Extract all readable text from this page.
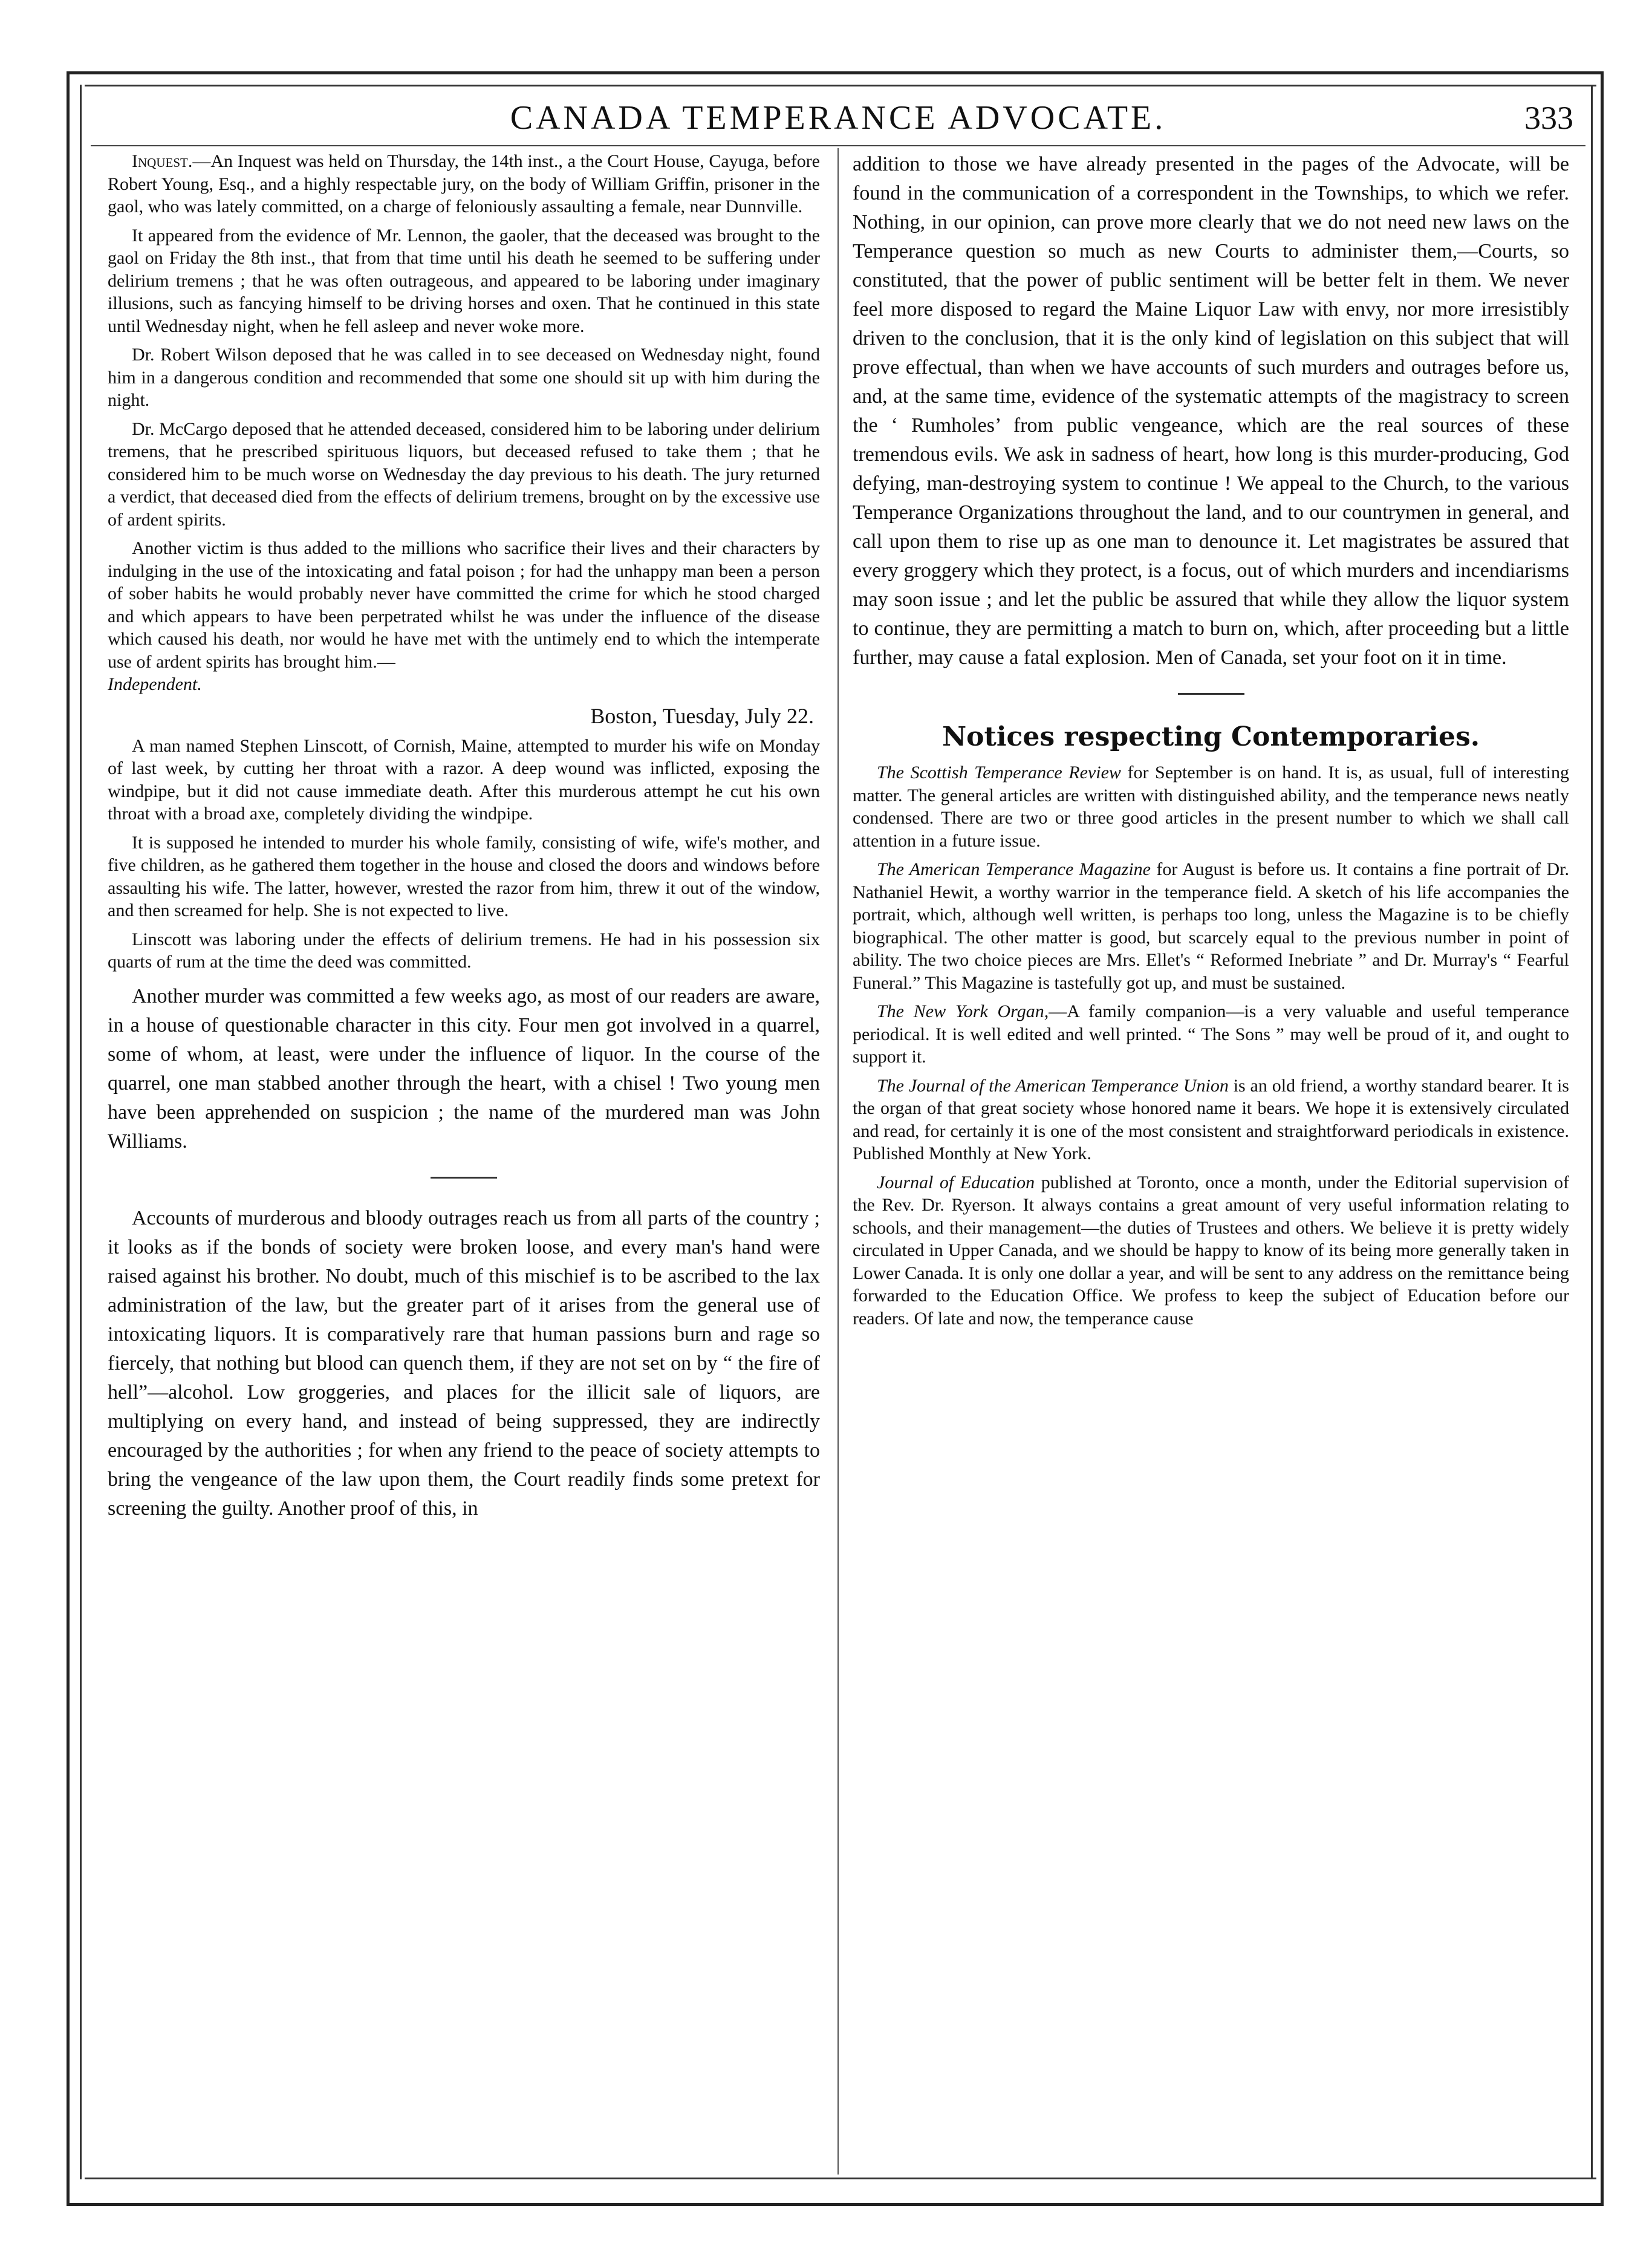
CANADA TEMPERANCE ADVOCATE.	333

Inquest.—An Inquest was held on Thursday, the 14th inst., a the Court House, Cayuga, before Robert Young, Esq., and a highly respectable jury, on the body of William Griffin, prisoner in the gaol, who was lately committed, on a charge of feloniously assaulting a female, near Dunnville.

It appeared from the evidence of Mr. Lennon, the gaoler, that the deceased was brought to the gaol on Friday the 8th inst., that from that time until his death he seemed to be suffering under delirium tremens ; that he was often outrageous, and appeared to be laboring under imaginary illusions, such as fancying himself to be driving horses and oxen. That he continued in this state until Wednesday night, when he fell asleep and never woke more.

Dr. Robert Wilson deposed that he was called in to see deceased on Wednesday night, found him in a dangerous condition and recommended that some one should sit up with him during the night.

Dr. McCargo deposed that he attended deceased, considered him to be laboring under delirium tremens, that he prescribed spirituous liquors, but deceased refused to take them ; that he considered him to be much worse on Wednesday the day previous to his death. The jury returned a verdict, that deceased died from the effects of delirium tremens, brought on by the excessive use of ardent spirits.

Another victim is thus added to the millions who sacrifice their lives and their characters by indulging in the use of the intoxicating and fatal poison ; for had the unhappy man been a person of sober habits he would probably never have committed the crime for which he stood charged and which appears to have been perpetrated whilst he was under the influence of the disease which caused his death, nor would he have met with the untimely end to which the intemperate use of ardent spirits has brought him.—
Independent.

Boston, Tuesday, July 22.

A man named Stephen Linscott, of Cornish, Maine, attempted to murder his wife on Monday of last week, by cutting her throat with a razor. A deep wound was inflicted, exposing the windpipe, but it did not cause immediate death. After this murderous attempt he cut his own throat with a broad axe, completely dividing the windpipe.

It is supposed he intended to murder his whole family, consisting of wife, wife's mother, and five children, as he gathered them together in the house and closed the doors and windows before assaulting his wife. The latter, however, wrested the razor from him, threw it out of the window, and then screamed for help. She is not expected to live.

Linscott was laboring under the effects of delirium tremens. He had in his possession six quarts of rum at the time the deed was committed.

Another murder was committed a few weeks ago, as most of our readers are aware, in a house of questionable character in this city. Four men got involved in a quarrel, some of whom, at least, were under the influence of liquor. In the course of the quarrel, one man stabbed another through the heart, with a chisel ! Two young men have been apprehended on suspicion ; the name of the murdered man was John Williams.

Accounts of murderous and bloody outrages reach us from all parts of the country ; it looks as if the bonds of society were broken loose, and every man's hand were raised against his brother. No doubt, much of this mischief is to be ascribed to the lax administration of the law, but the greater part of it arises from the general use of intoxicating liquors. It is comparatively rare that human passions burn and rage so fiercely, that nothing but blood can quench them, if they are not set on by “ the fire of hell”—alcohol. Low groggeries, and places for the illicit sale of liquors, are multiplying on every hand, and instead of being suppressed, they are indirectly encouraged by the authorities ; for when any friend to the peace of society attempts to bring the vengeance of the law upon them, the Court readily finds some pretext for screening the guilty. Another proof of this, in

addition to those we have already presented in the pages of the Advocate, will be found in the communication of a correspondent in the Townships, to which we refer. Nothing, in our opinion, can prove more clearly that we do not need new laws on the Temperance question so much as new Courts to administer them,—Courts, so constituted, that the power of public sentiment will be better felt in them. We never feel more disposed to regard the Maine Liquor Law with envy, nor more irresistibly driven to the conclusion, that it is the only kind of legislation on this subject that will prove effectual, than when we have accounts of such murders and outrages before us, and, at the same time, evidence of the systematic attempts of the magistracy to screen the ‘ Rumholes’ from public vengeance, which are the real sources of these tremendous evils. We ask in sadness of heart, how long is this murder-producing, God defying, man-destroying system to continue ! We appeal to the Church, to the various Temperance Organizations throughout the land, and to our countrymen in general, and call upon them to rise up as one man to denounce it. Let magistrates be assured that every groggery which they protect, is a focus, out of which murders and incendiarisms may soon issue ; and let the public be assured that while they allow the liquor system to continue, they are permitting a match to burn on, which, after proceeding but a little further, may cause a fatal explosion. Men of Canada, set your foot on it in time.

Notices respecting Contemporaries.

The Scottish Temperance Review for September is on hand. It is, as usual, full of interesting matter. The general articles are written with distinguished ability, and the temperance news neatly condensed. There are two or three good articles in the present number to which we shall call attention in a future issue.

The American Temperance Magazine for August is before us. It contains a fine portrait of Dr. Nathaniel Hewit, a worthy warrior in the temperance field. A sketch of his life accompanies the portrait, which, although well written, is perhaps too long, unless the Magazine is to be chiefly biographical. The other matter is good, but scarcely equal to the previous number in point of ability. The two choice pieces are Mrs. Ellet's “ Reformed Inebriate ” and Dr. Murray's “ Fearful Funeral.” This Magazine is tastefully got up, and must be sustained.

The New York Organ,—A family companion—is a very valuable and useful temperance periodical. It is well edited and well printed. “ The Sons ” may well be proud of it, and ought to support it.

The Journal of the American Temperance Union is an old friend, a worthy standard bearer. It is the organ of that great society whose honored name it bears. We hope it is extensively circulated and read, for certainly it is one of the most consistent and straightforward periodicals in existence. Published Monthly at New York.

Journal of Education published at Toronto, once a month, under the Editorial supervision of the Rev. Dr. Ryerson. It always contains a great amount of very useful information relating to schools, and their management—the duties of Trustees and others. We believe it is pretty widely circulated in Upper Canada, and we should be happy to know of its being more generally taken in Lower Canada. It is only one dollar a year, and will be sent to any address on the remittance being forwarded to the Education Office. We profess to keep the subject of Education before our readers. Of late and now, the temperance cause
